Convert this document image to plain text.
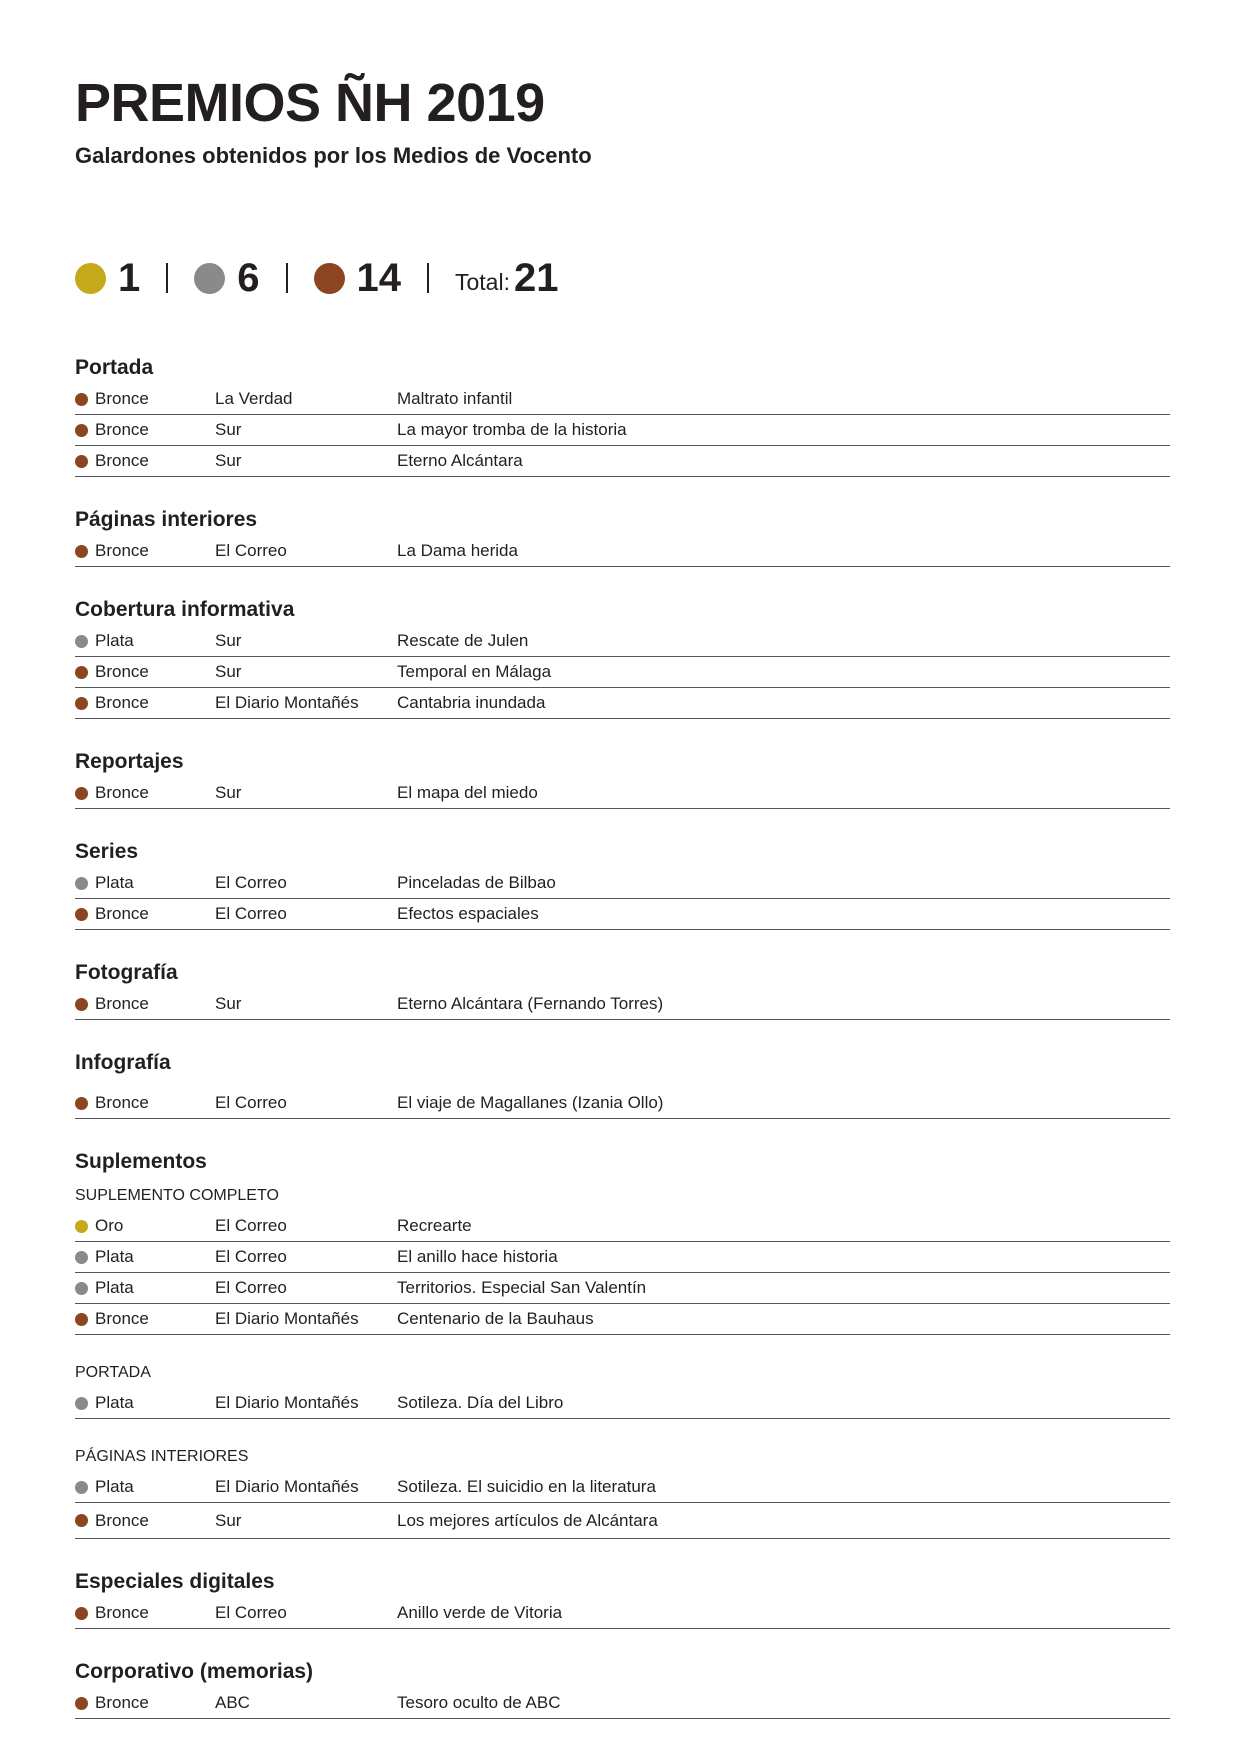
PREMIOS ÑH 2019
Galardones obtenidos por los Medios de Vocento
1 6 14 Total: 21
Portada
Bronce	La Verdad	Maltrato infantil
Bronce	Sur	La mayor tromba de la historia
Bronce	Sur	Eterno Alcántara
Páginas interiores
Bronce	El Correo	La Dama herida
Cobertura informativa
Plata	Sur	Rescate de Julen
Bronce	Sur	Temporal en Málaga
Bronce	El Diario Montañés	Cantabria inundada
Reportajes
Bronce	Sur	El mapa del miedo
Series
Plata	El Correo	Pinceladas de Bilbao
Bronce	El Correo	Efectos espaciales
Fotografía
Bronce	Sur	Eterno Alcántara (Fernando Torres)
Infografía
Bronce	El Correo	El viaje de Magallanes (Izania Ollo)
Suplementos
SUPLEMENTO COMPLETO
Oro	El Correo	Recrearte
Plata	El Correo	El anillo hace historia
Plata	El Correo	Territorios. Especial San Valentín
Bronce	El Diario Montañés	Centenario de la Bauhaus
PORTADA
Plata	El Diario Montañés	Sotileza. Día del Libro
PÁGINAS INTERIORES
Plata	El Diario Montañés	Sotileza. El suicidio en la literatura
Bronce	Sur	Los mejores artículos de Alcántara
Especiales digitales
Bronce	El Correo	Anillo verde de Vitoria
Corporativo (memorias)
Bronce	ABC	Tesoro oculto de ABC
